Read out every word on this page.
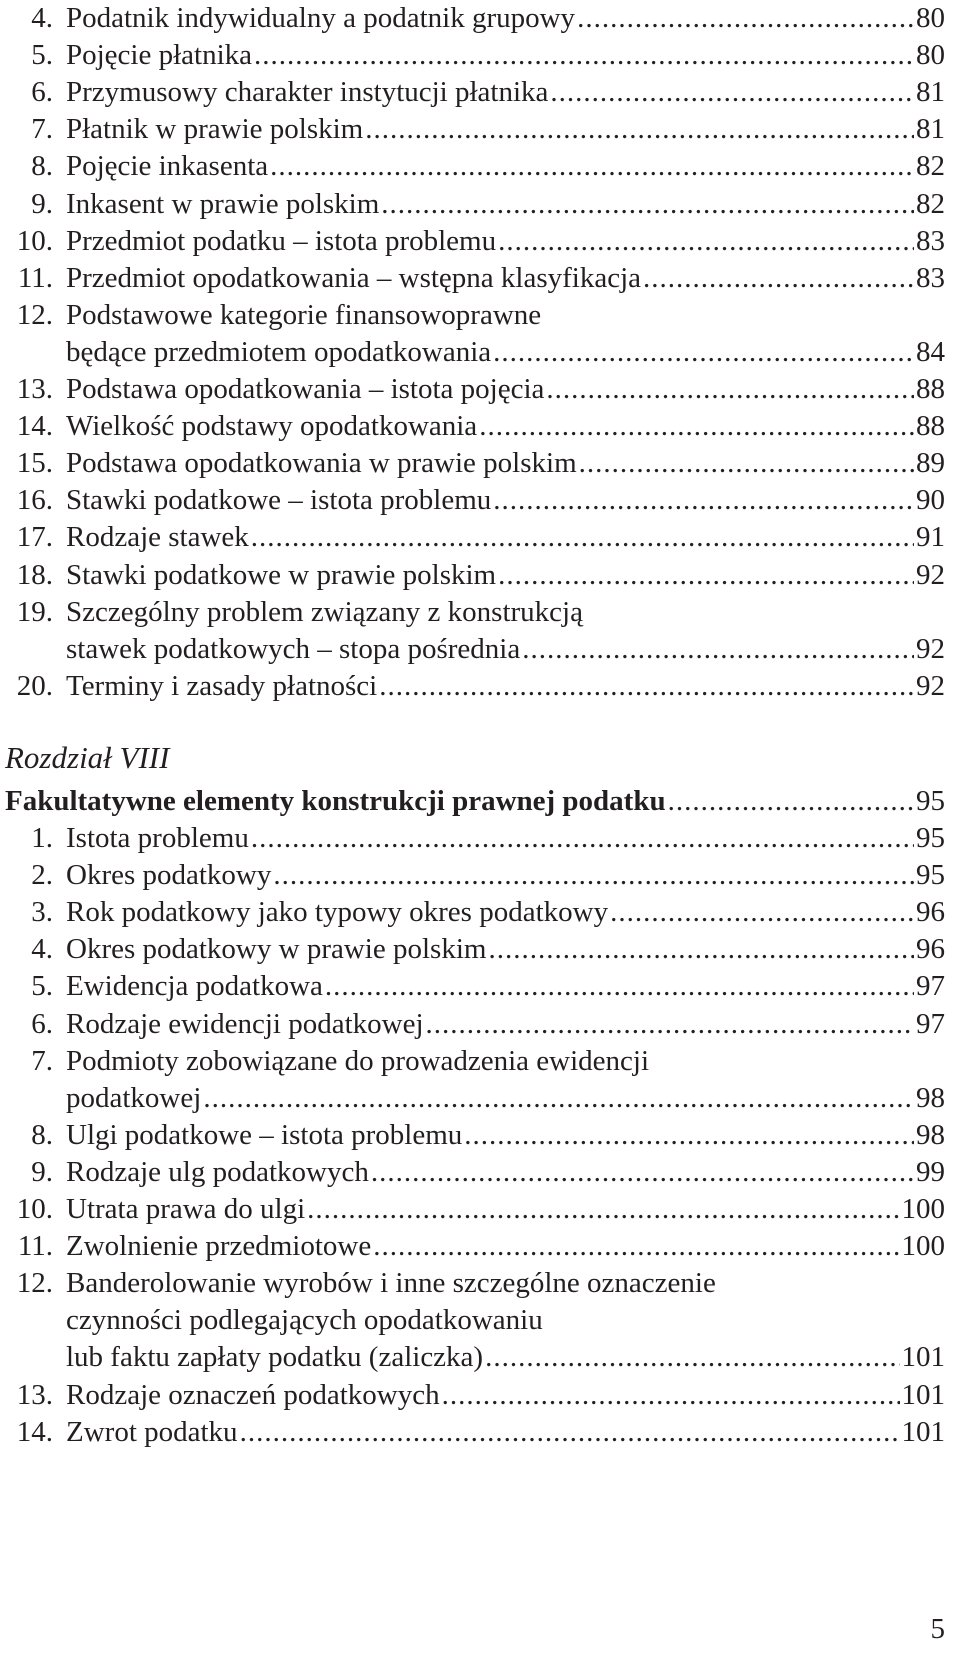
4. Podatnik indywidualny a podatnik grupowy .....	80
5. Pojęcie płatnika .....	80
6. Przymusowy charakter instytucji płatnika .....	81
7. Płatnik w prawie polskim .....	81
8. Pojęcie inkasenta .....	82
9. Inkasent w prawie polskim .....	82
10. Przedmiot podatku – istota problemu .....	83
11. Przedmiot opodatkowania – wstępna klasyfikacja .....	83
12. Podstawowe kategorie finansowoprawne
będące przedmiotem opodatkowania .....	84
13. Podstawa opodatkowania – istota pojęcia .....	88
14. Wielkość podstawy opodatkowania .....	88
15. Podstawa opodatkowania w prawie polskim .....	89
16. Stawki podatkowe – istota problemu .....	90
17. Rodzaje stawek .....	91
18. Stawki podatkowe w prawie polskim .....	92
19. Szczególny problem związany z konstrukcją
stawek podatkowych – stopa pośrednia .....	92
20. Terminy i zasady płatności .....	92
Rozdział VIII
Fakultatywne elementy konstrukcji prawnej podatku .....	95
1. Istota problemu .....	95
2. Okres podatkowy .....	95
3. Rok podatkowy jako typowy okres podatkowy .....	96
4. Okres podatkowy w prawie polskim .....	96
5. Ewidencja podatkowa .....	97
6. Rodzaje ewidencji podatkowej .....	97
7. Podmioty zobowiązane do prowadzenia ewidencji
podatkowej .....	98
8. Ulgi podatkowe – istota problemu .....	98
9. Rodzaje ulg podatkowych .....	99
10. Utrata prawa do ulgi .....	100
11. Zwolnienie przedmiotowe .....	100
12. Banderolowanie wyrobów i inne szczególne oznaczenie
czynności podlegających opodatkowaniu
lub faktu zapłaty podatku (zaliczka) .....	101
13. Rodzaje oznaczeń podatkowych .....	101
14. Zwrot podatku .....	101
5
